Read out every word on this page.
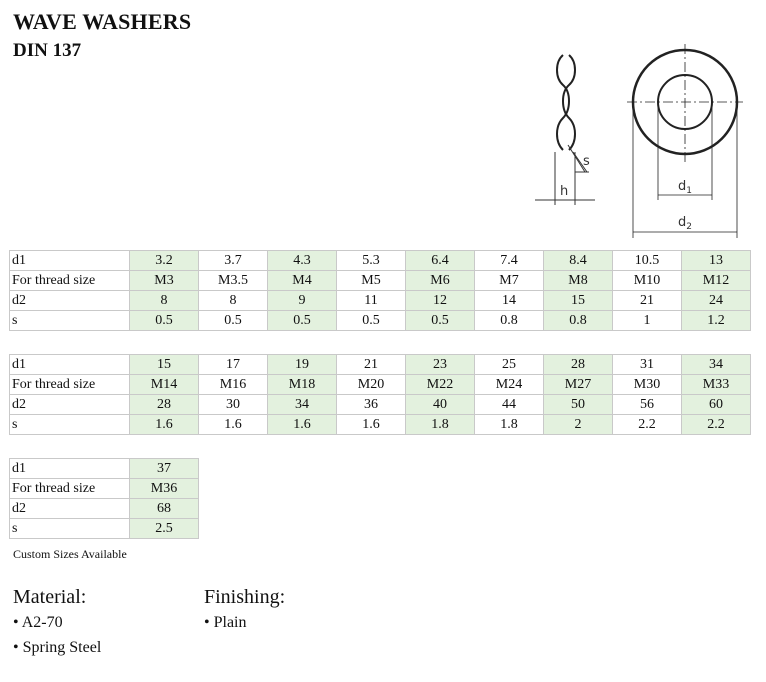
WAVE WASHERS
DIN 137
s
h	$d_1$
$d_2$
d1	3.2	3.7	4.3	5.3	6.4	7.4	8.4	10.5	13
For thread size	M3	M3.5	M4	M5	M6	M7	M8	M10	M12
d2	8	8	9	11	12	14	15	21	24
s	0.5	0.5	0.5	0.5	0.5	0.8	0.8	1	1.2
d1	15	17	19	21	23	25	28	31	34
For thread size	M14	M16	M18	M20	M22	M24	M27	M30	M33
d2	28	30	34	36	40	44	50	56	60
s	1.6	1.6	1.6	1.6	1.8	1.8	2	2.2	2.2
d1	37
For thread size	M36
d2	68
s	2.5
Custom Sizes Available
Material:
• A2-70
• Spring Steel
Finishing:
• Plain
